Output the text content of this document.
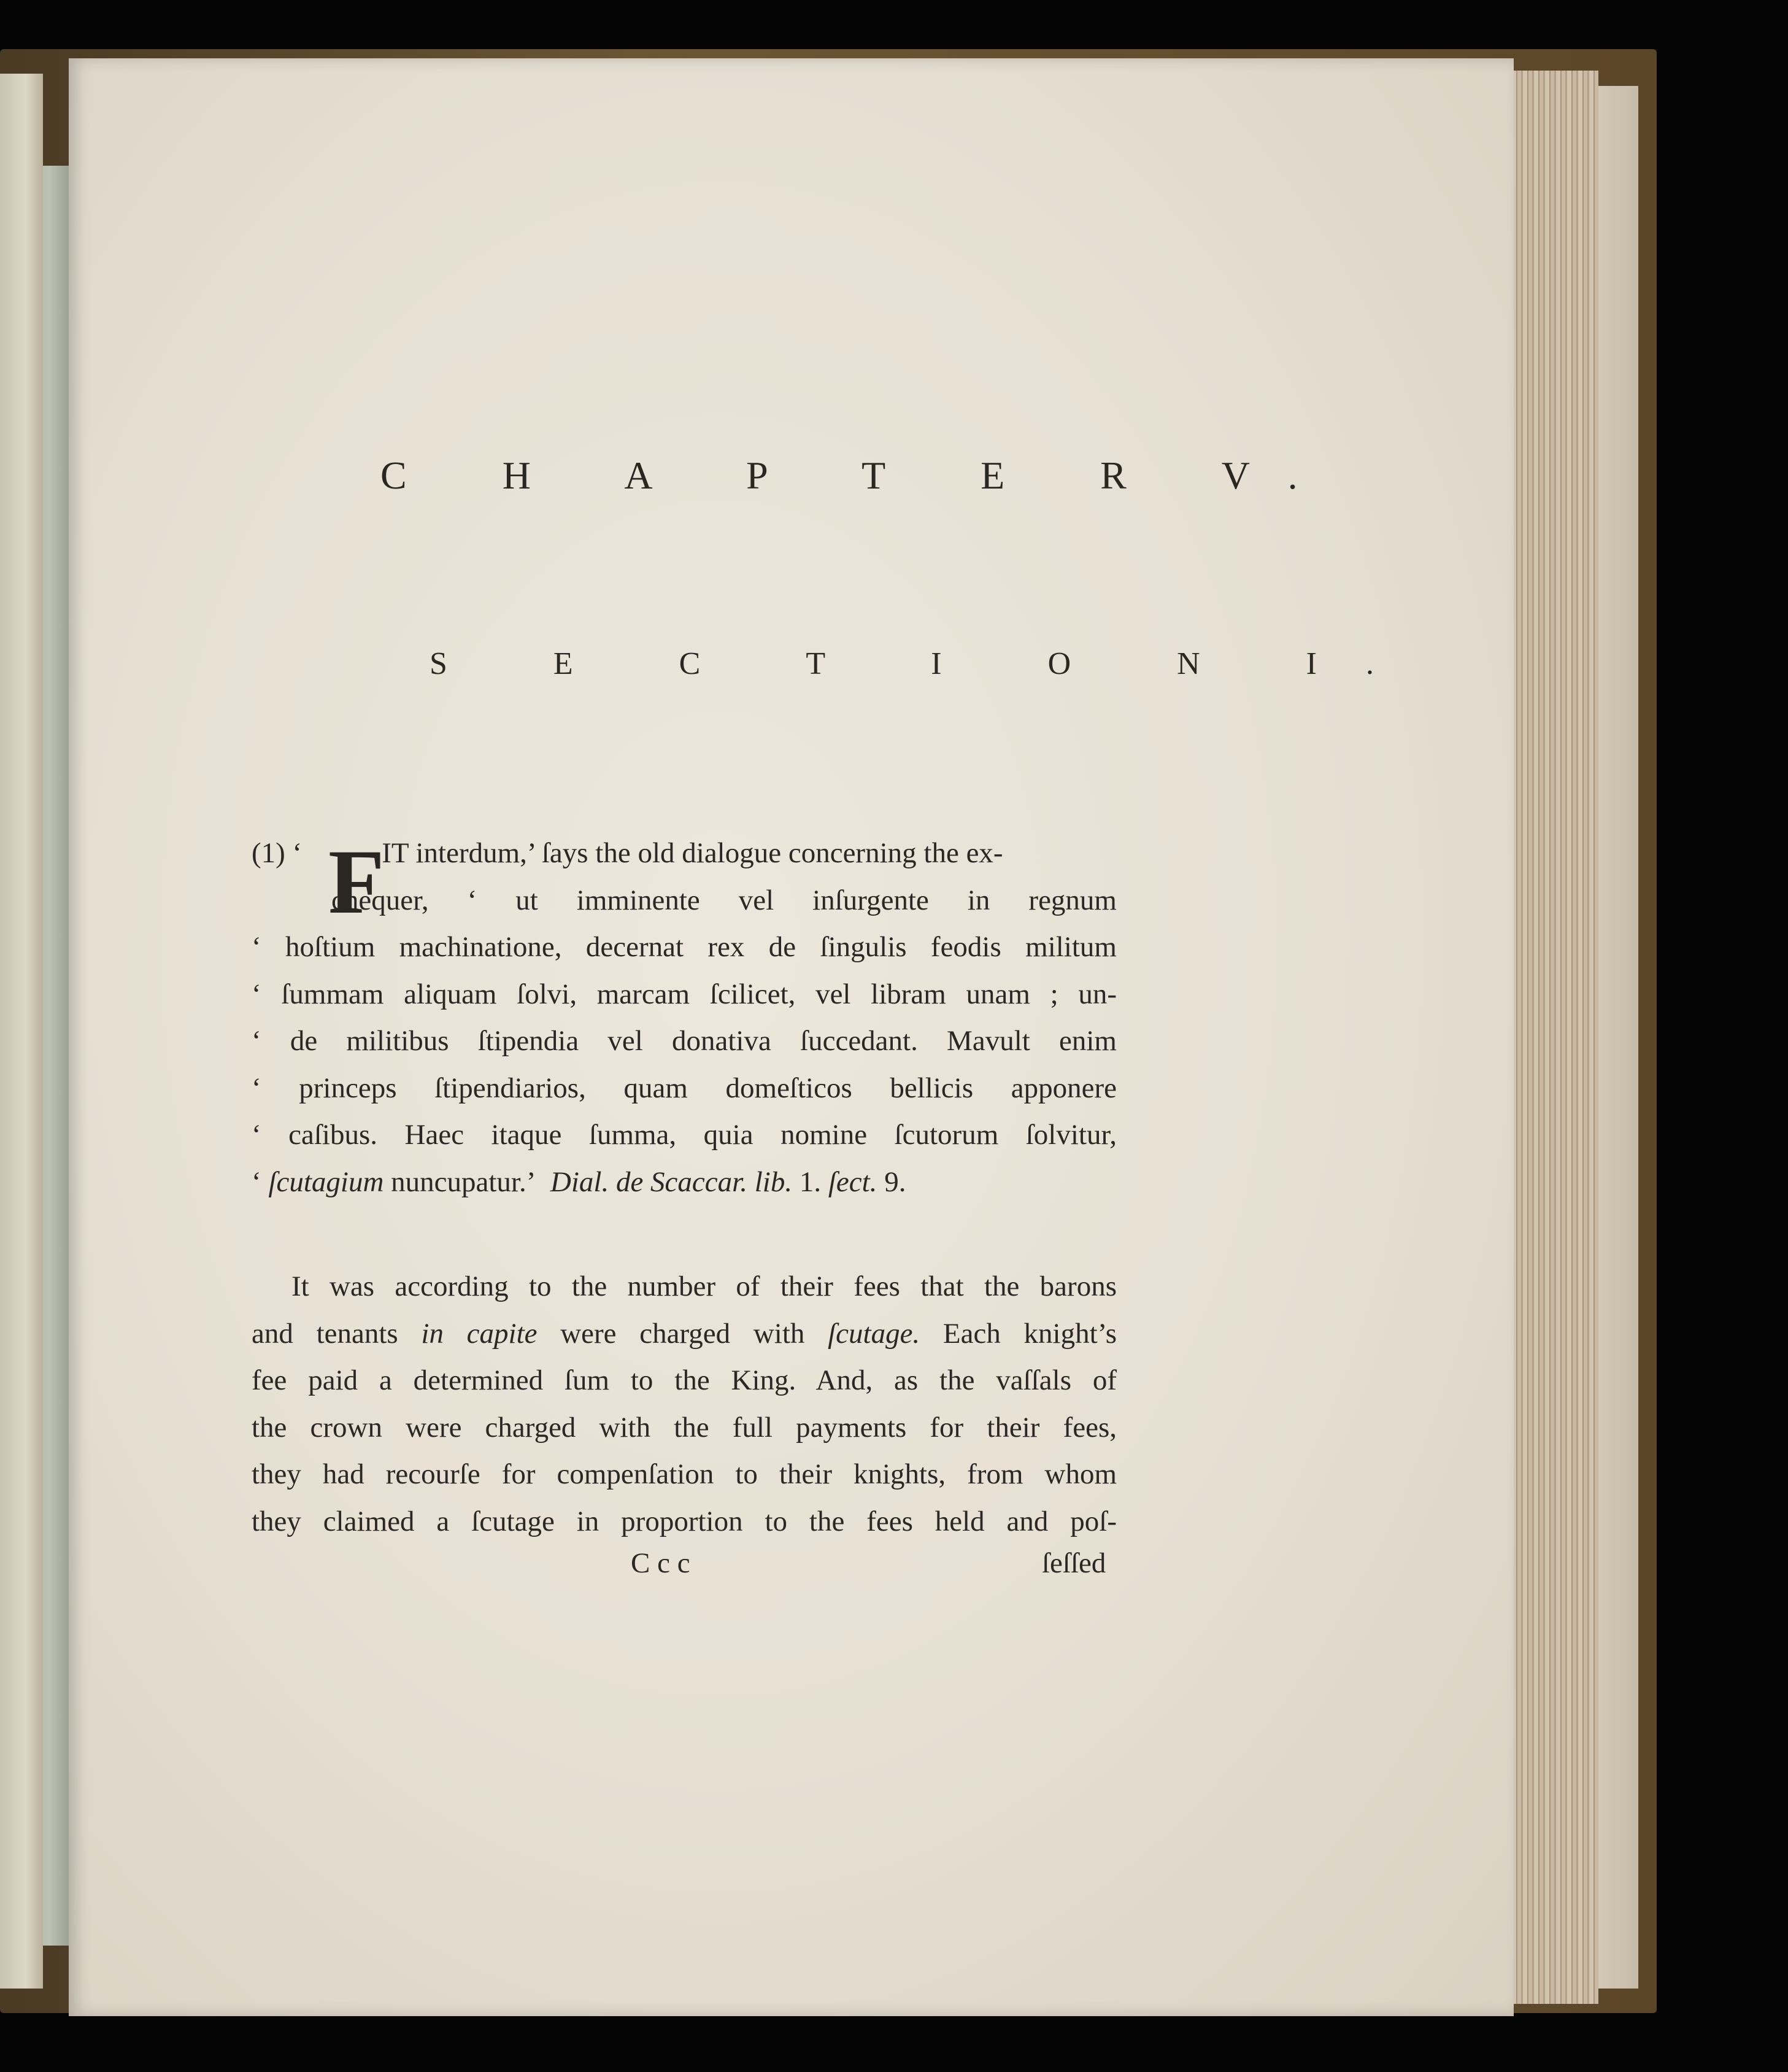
C H A P T E R V.
S E C T I O N I.
F
(1) ‘	IT interdum,’ ſays the old dialogue concerning the ex-
chequer, ‘ ut imminente vel inſurgente in regnum
‘ hoſtium machinatione, decernat rex de ſingulis feodis militum
‘ ſummam aliquam ſolvi, marcam ſcilicet, vel libram unam ; un-
‘ de militibus ſtipendia vel donativa ſuccedant. Mavult enim
‘ princeps ſtipendiarios, quam domeſticos bellicis apponere
‘ caſibus. Haec itaque ſumma, quia nomine ſcutorum ſolvitur,
‘ ſcutagium nuncupatur.’ Dial. de Scaccar. lib. 1. ſect. 9.
It was according to the number of their fees that the barons
and tenants in capite were charged with ſcutage. Each knight’s
fee paid a determined ſum to the King. And, as the vaſſals of
the crown were charged with the full payments for their fees,
they had recourſe for compenſation to their knights, from whom
they claimed a ſcutage in proportion to the fees held and poſ-
C c c	ſeſſed
